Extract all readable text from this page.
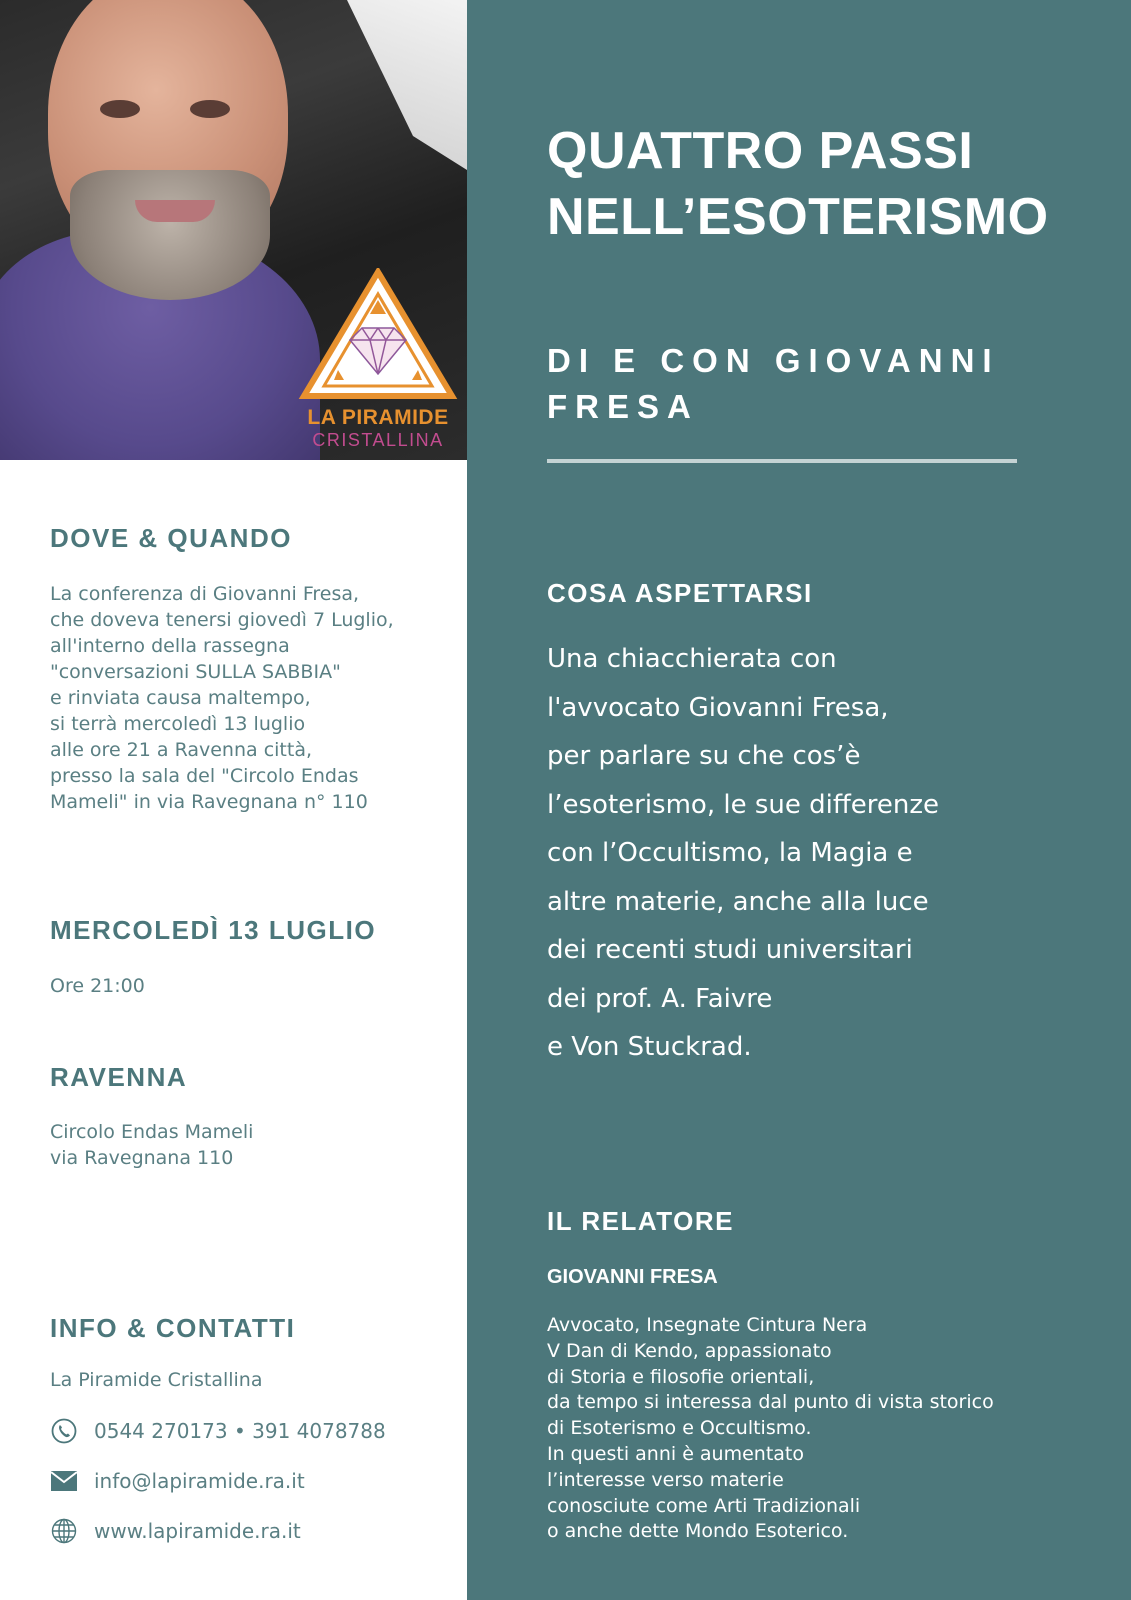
LA PIRAMIDE
CRISTALLINA
DOVE & QUANDO

La conferenza di Giovanni Fresa,
che doveva tenersi giovedì 7 Luglio,
all'interno della rassegna
"conversazioni SULLA SABBIA"
e rinviata causa maltempo,
si terrà mercoledì 13 luglio
alle ore 21 a Ravenna città,
presso la sala del "Circolo Endas
Mameli" in via Ravegnana n° 110

MERCOLEDÌ 13 LUGLIO

Ore 21:00

RAVENNA

Circolo Endas Mameli
via Ravegnana 110

INFO & CONTATTI

La Piramide Cristallina

0544 270173 • 391 4078788
info@lapiramide.ra.it
www.lapiramide.ra.it
QUATTRO PASSI
NELL’ESOTERISMO
DI E CON GIOVANNI
FRESA
COSA ASPETTARSI

Una chiacchierata con
l'avvocato Giovanni Fresa,
per parlare su che cos’è
l’esoterismo, le sue differenze
con l’Occultismo, la Magia e
altre materie, anche alla luce
dei recenti studi universitari
dei prof. A. Faivre
e Von Stuckrad.

IL RELATORE
GIOVANNI FRESA

Avvocato, Insegnate Cintura Nera
V Dan di Kendo, appassionato
di Storia e filosofie orientali,
da tempo si interessa dal punto di vista storico
di Esoterismo e Occultismo.
In questi anni è aumentato
l’interesse verso materie
conosciute come Arti Tradizionali
o anche dette Mondo Esoterico.
